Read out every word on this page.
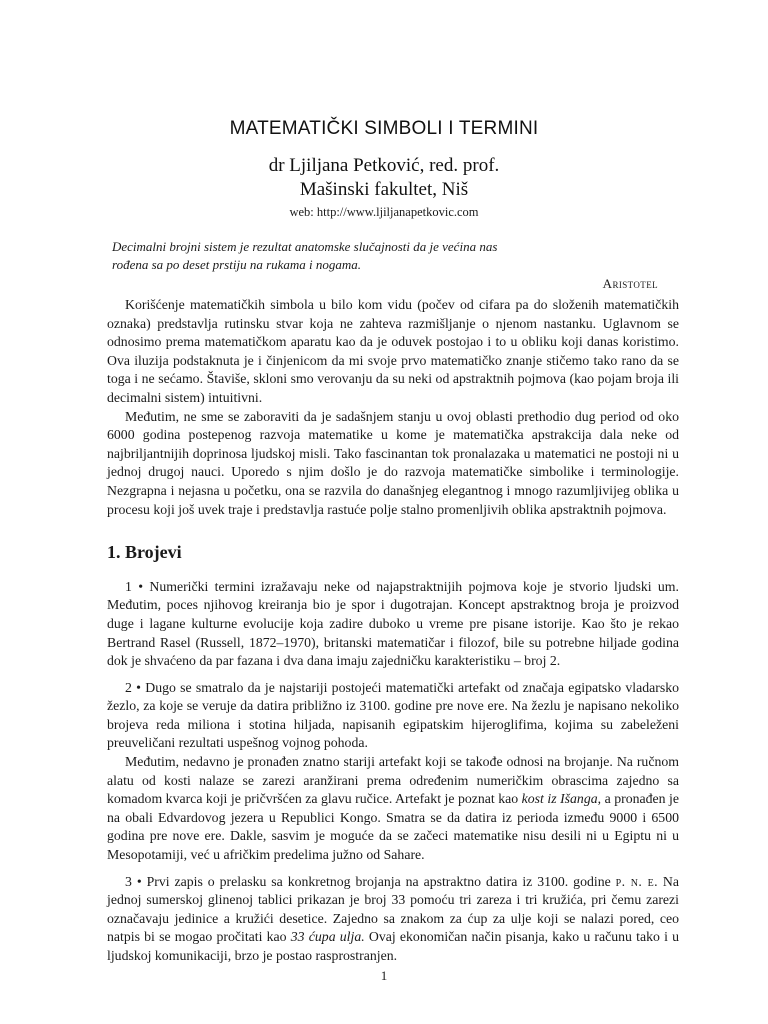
MATEMATIČKI SIMBOLI I TERMINI
dr Ljiljana Petković, red. prof.
Mašinski fakultet, Niš
web: http://www.ljiljanapetkovic.com
Decimalni brojni sistem je rezultat anatomske slučajnosti da je većina nas rođena sa po deset prstiju na rukama i nogama.
Aristotel

Korišćenje matematičkih simbola u bilo kom vidu (počev od cifara pa do složenih matematičkih oznaka) predstavlja rutinsku stvar koja ne zahteva razmišljanje o njenom nastanku. Uglavnom se odnosimo prema matematičkom aparatu kao da je oduvek postojao i to u obliku koji danas koristimo. Ova iluzija podstaknuta je i činjenicom da mi svoje prvo matematičko znanje stičemo tako rano da se toga i ne sećamo. Štaviše, skloni smo verovanju da su neki od apstraktnih pojmova (kao pojam broja ili decimalni sistem) intuitivni.

Međutim, ne sme se zaboraviti da je sadašnjem stanju u ovoj oblasti prethodio dug period od oko 6000 godina postepenog razvoja matematike u kome je matematička apstrakcija dala neke od najbriljantnijih doprinosa ljudskoj misli. Tako fascinantan tok pronalazaka u matematici ne postoji ni u jednoj drugoj nauci. Uporedo s njim došlo je do razvoja matematičke simbolike i terminologije. Nezgrapna i nejasna u početku, ona se razvila do današnjeg elegantnog i mnogo razumljivijeg oblika u procesu koji još uvek traje i predstavlja rastuće polje stalno promenljivih oblika apstraktnih pojmova.

1. Brojevi

1 • Numerički termini izražavaju neke od najapstraktnijih pojmova koje je stvorio ljudski um. Međutim, poces njihovog kreiranja bio je spor i dugotrajan. Koncept apstraktnog broja je proizvod duge i lagane kulturne evolucije koja zadire duboko u vreme pre pisane istorije. Kao što je rekao Bertrand Rasel (Russell, 1872–1970), britanski matematičar i filozof, bile su potrebne hiljade godina dok je shvaćeno da par fazana i dva dana imaju zajedničku karakteristiku – broj 2.

2 • Dugo se smatralo da je najstariji postojeći matematički artefakt od značaja egipatsko vladarsko žezlo, za koje se veruje da datira približno iz 3100. godine pre nove ere. Na žezlu je napisano nekoliko brojeva reda miliona i stotina hiljada, napisanih egipatskim hijeroglifima, kojima su zabeleženi preuveličani rezultati uspešnog vojnog pohoda.

Međutim, nedavno je pronađen znatno stariji artefakt koji se takođe odnosi na brojanje. Na ručnom alatu od kosti nalaze se zarezi aranžirani prema određenim numeričkim obrascima zajedno sa komadom kvarca koji je pričvršćen za glavu ručice. Artefakt je poznat kao kost iz Išanga, a pronađen je na obali Edvardovog jezera u Republici Kongo. Smatra se da datira iz perioda između 9000 i 6500 godina pre nove ere. Dakle, sasvim je moguće da se začeci matematike nisu desili ni u Egiptu ni u Mesopotamiji, već u afričkim predelima južno od Sahare.

3 • Prvi zapis o prelasku sa konkretnog brojanja na apstraktno datira iz 3100. godine p. n. e. Na jednoj sumerskoj glinenoj tablici prikazan je broj 33 pomoću tri zareza i tri kružića, pri čemu zarezi označavaju jedinice a kružići desetice. Zajedno sa znakom za ćup za ulje koji se nalazi pored, ceo natpis bi se mogao pročitati kao 33 ćupa ulja. Ovaj ekonomičan način pisanja, kako u računu tako i u ljudskoj komunikaciji, brzo je postao rasprostranjen.

1
